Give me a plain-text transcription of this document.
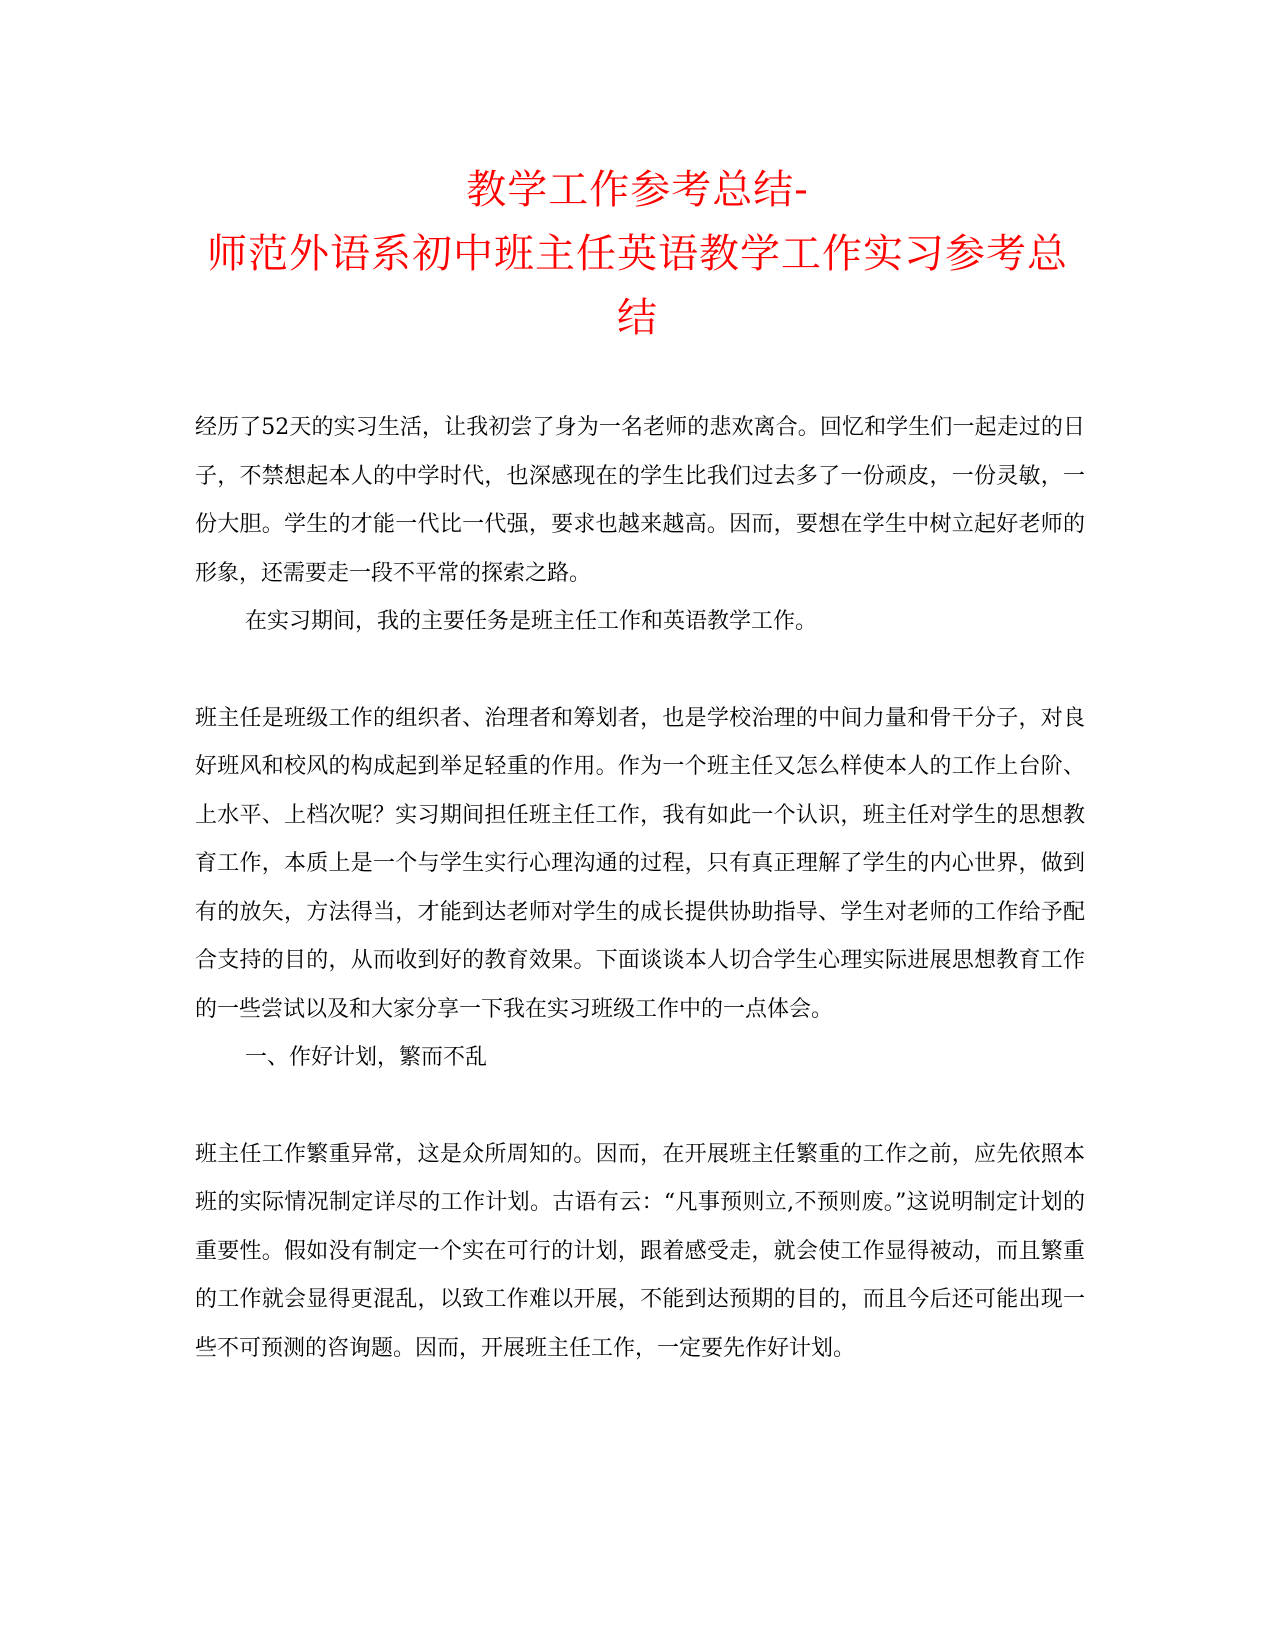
教学工作参考总结-
师范外语系初中班主任英语教学工作实习参考总
结

经历了52天的实习生活，让我初尝了身为一名老师的悲欢离合。回忆和学生们一起走过的日子，不禁想起本人的中学时代，也深感现在的学生比我们过去多了一份顽皮，一份灵敏，一份大胆。学生的才能一代比一代强，要求也越来越高。因而，要想在学生中树立起好老师的形象，还需要走一段不平常的探索之路。

在实习期间，我的主要任务是班主任工作和英语教学工作。

班主任是班级工作的组织者、治理者和筹划者，也是学校治理的中间力量和骨干分子，对良好班风和校风的构成起到举足轻重的作用。作为一个班主任又怎么样使本人的工作上台阶、上水平、上档次呢？实习期间担任班主任工作，我有如此一个认识，班主任对学生的思想教育工作，本质上是一个与学生实行心理沟通的过程，只有真正理解了学生的内心世界，做到有的放矢，方法得当，才能到达老师对学生的成长提供协助指导、学生对老师的工作给予配合支持的目的，从而收到好的教育效果。下面谈谈本人切合学生心理实际进展思想教育工作的一些尝试以及和大家分享一下我在实习班级工作中的一点体会。

一、作好计划，繁而不乱

班主任工作繁重异常，这是众所周知的。因而，在开展班主任繁重的工作之前，应先依照本班的实际情况制定详尽的工作计划。古语有云：“凡事预则立,不预则废。”这说明制定计划的重要性。假如没有制定一个实在可行的计划，跟着感受走，就会使工作显得被动，而且繁重的工作就会显得更混乱，以致工作难以开展，不能到达预期的目的，而且今后还可能出现一些不可预测的咨询题。因而，开展班主任工作，一定要先作好计划。
